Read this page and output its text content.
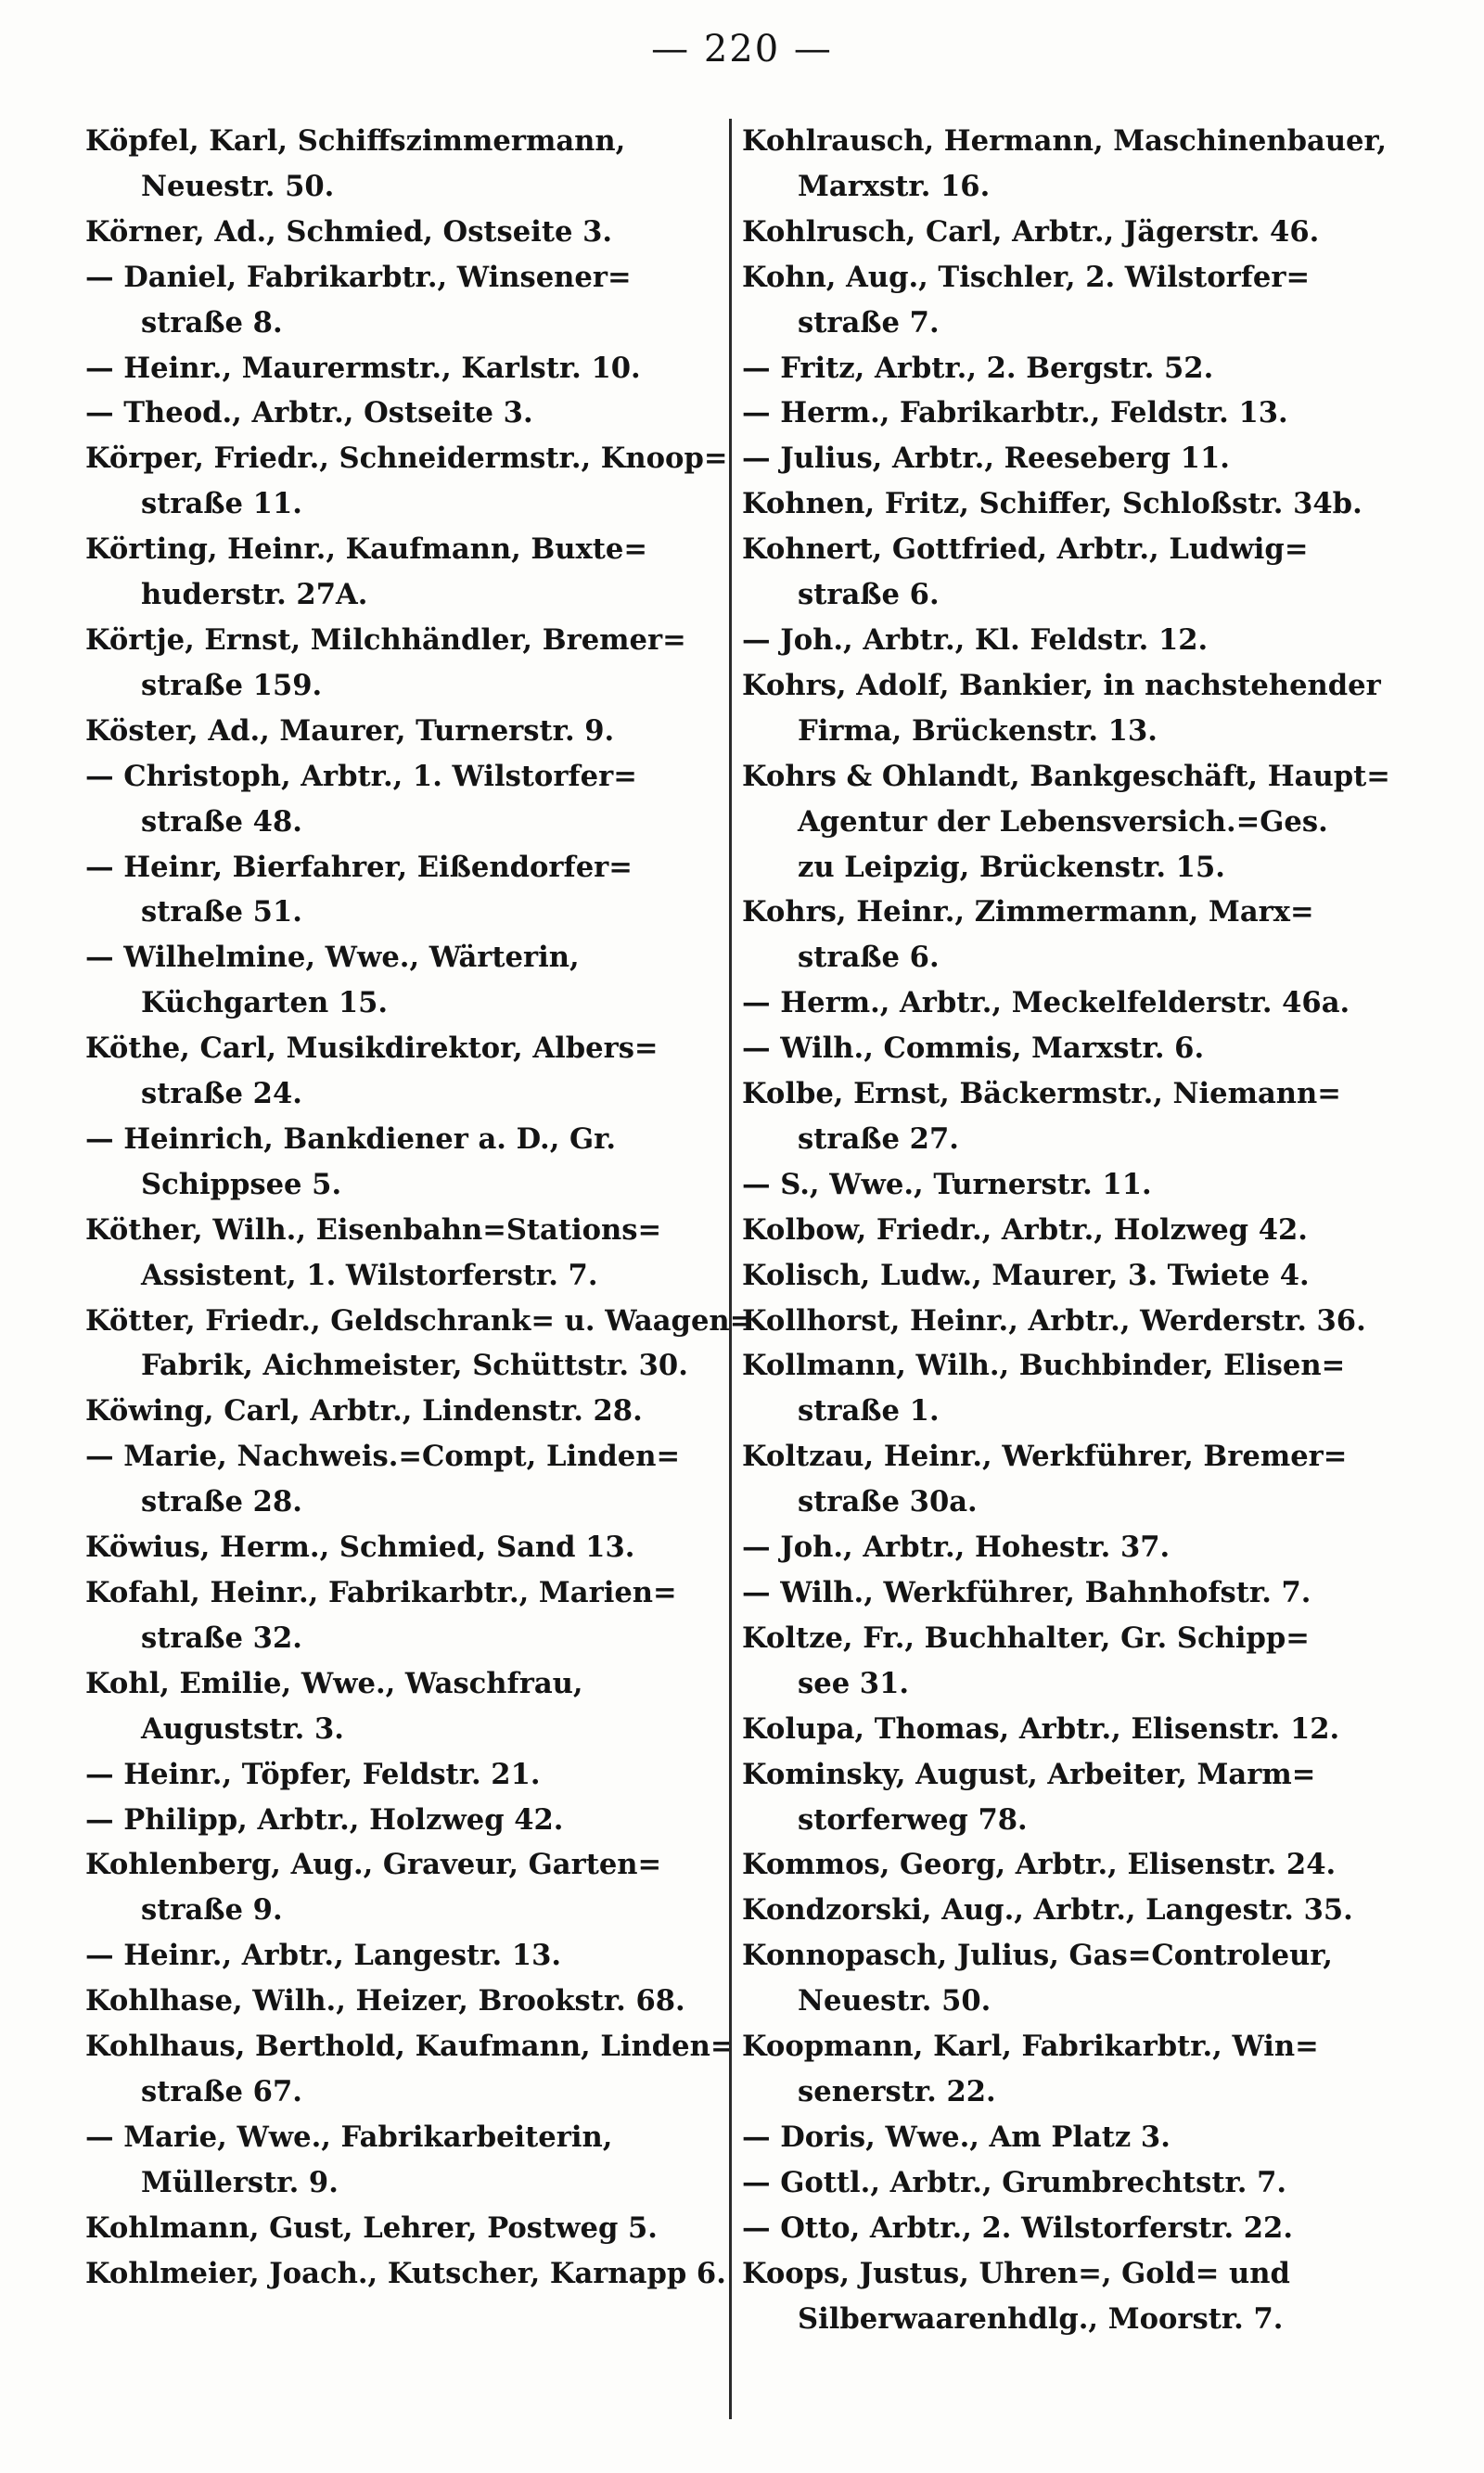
— 220 —
Köpfel, Karl, Schiffszimmermann,
Neuestr. 50.
Körner, Ad., Schmied, Ostseite 3.
— Daniel, Fabrikarbtr., Winsener=
straße 8.
— Heinr., Maurermstr., Karlstr. 10.
— Theod., Arbtr., Ostseite 3.
Körper, Friedr., Schneidermstr., Knoop=
straße 11.
Körting, Heinr., Kaufmann, Buxte=
huderstr. 27A.
Körtje, Ernst, Milchhändler, Bremer=
straße 159.
Köster, Ad., Maurer, Turnerstr. 9.
— Christoph, Arbtr., 1. Wilstorfer=
straße 48.
— Heinr, Bierfahrer, Eißendorfer=
straße 51.
— Wilhelmine, Wwe., Wärterin,
Küchgarten 15.
Köthe, Carl, Musikdirektor, Albers=
straße 24.
— Heinrich, Bankdiener a. D., Gr.
Schippsee 5.
Köther, Wilh., Eisenbahn=Stations=
Assistent, 1. Wilstorferstr. 7.
Kötter, Friedr., Geldschrank= u. Waagen=
Fabrik, Aichmeister, Schüttstr. 30.
Köwing, Carl, Arbtr., Lindenstr. 28.
— Marie, Nachweis.=Compt, Linden=
straße 28.
Köwius, Herm., Schmied, Sand 13.
Kofahl, Heinr., Fabrikarbtr., Marien=
straße 32.
Kohl, Emilie, Wwe., Waschfrau,
Auguststr. 3.
— Heinr., Töpfer, Feldstr. 21.
— Philipp, Arbtr., Holzweg 42.
Kohlenberg, Aug., Graveur, Garten=
straße 9.
— Heinr., Arbtr., Langestr. 13.
Kohlhase, Wilh., Heizer, Brookstr. 68.
Kohlhaus, Berthold, Kaufmann, Linden=
straße 67.
— Marie, Wwe., Fabrikarbeiterin,
Müllerstr. 9.
Kohlmann, Gust, Lehrer, Postweg 5.
Kohlmeier, Joach., Kutscher, Karnapp 6.
Kohlrausch, Hermann, Maschinenbauer,
Marxstr. 16.
Kohlrusch, Carl, Arbtr., Jägerstr. 46.
Kohn, Aug., Tischler, 2. Wilstorfer=
straße 7.
— Fritz, Arbtr., 2. Bergstr. 52.
— Herm., Fabrikarbtr., Feldstr. 13.
— Julius, Arbtr., Reeseberg 11.
Kohnen, Fritz, Schiffer, Schloßstr. 34b.
Kohnert, Gottfried, Arbtr., Ludwig=
straße 6.
— Joh., Arbtr., Kl. Feldstr. 12.
Kohrs, Adolf, Bankier, in nachstehender
Firma, Brückenstr. 13.
Kohrs & Ohlandt, Bankgeschäft, Haupt=
Agentur der Lebensversich.=Ges.
zu Leipzig, Brückenstr. 15.
Kohrs, Heinr., Zimmermann, Marx=
straße 6.
— Herm., Arbtr., Meckelfelderstr. 46a.
— Wilh., Commis, Marxstr. 6.
Kolbe, Ernst, Bäckermstr., Niemann=
straße 27.
— S., Wwe., Turnerstr. 11.
Kolbow, Friedr., Arbtr., Holzweg 42.
Kolisch, Ludw., Maurer, 3. Twiete 4.
Kollhorst, Heinr., Arbtr., Werderstr. 36.
Kollmann, Wilh., Buchbinder, Elisen=
straße 1.
Koltzau, Heinr., Werkführer, Bremer=
straße 30a.
— Joh., Arbtr., Hohestr. 37.
— Wilh., Werkführer, Bahnhofstr. 7.
Koltze, Fr., Buchhalter, Gr. Schipp=
see 31.
Kolupa, Thomas, Arbtr., Elisenstr. 12.
Kominsky, August, Arbeiter, Marm=
storferweg 78.
Kommos, Georg, Arbtr., Elisenstr. 24.
Kondzorski, Aug., Arbtr., Langestr. 35.
Konnopasch, Julius, Gas=Controleur,
Neuestr. 50.
Koopmann, Karl, Fabrikarbtr., Win=
senerstr. 22.
— Doris, Wwe., Am Platz 3.
— Gottl., Arbtr., Grumbrechtstr. 7.
— Otto, Arbtr., 2. Wilstorferstr. 22.
Koops, Justus, Uhren=, Gold= und
Silberwaarenhdlg., Moorstr. 7.
